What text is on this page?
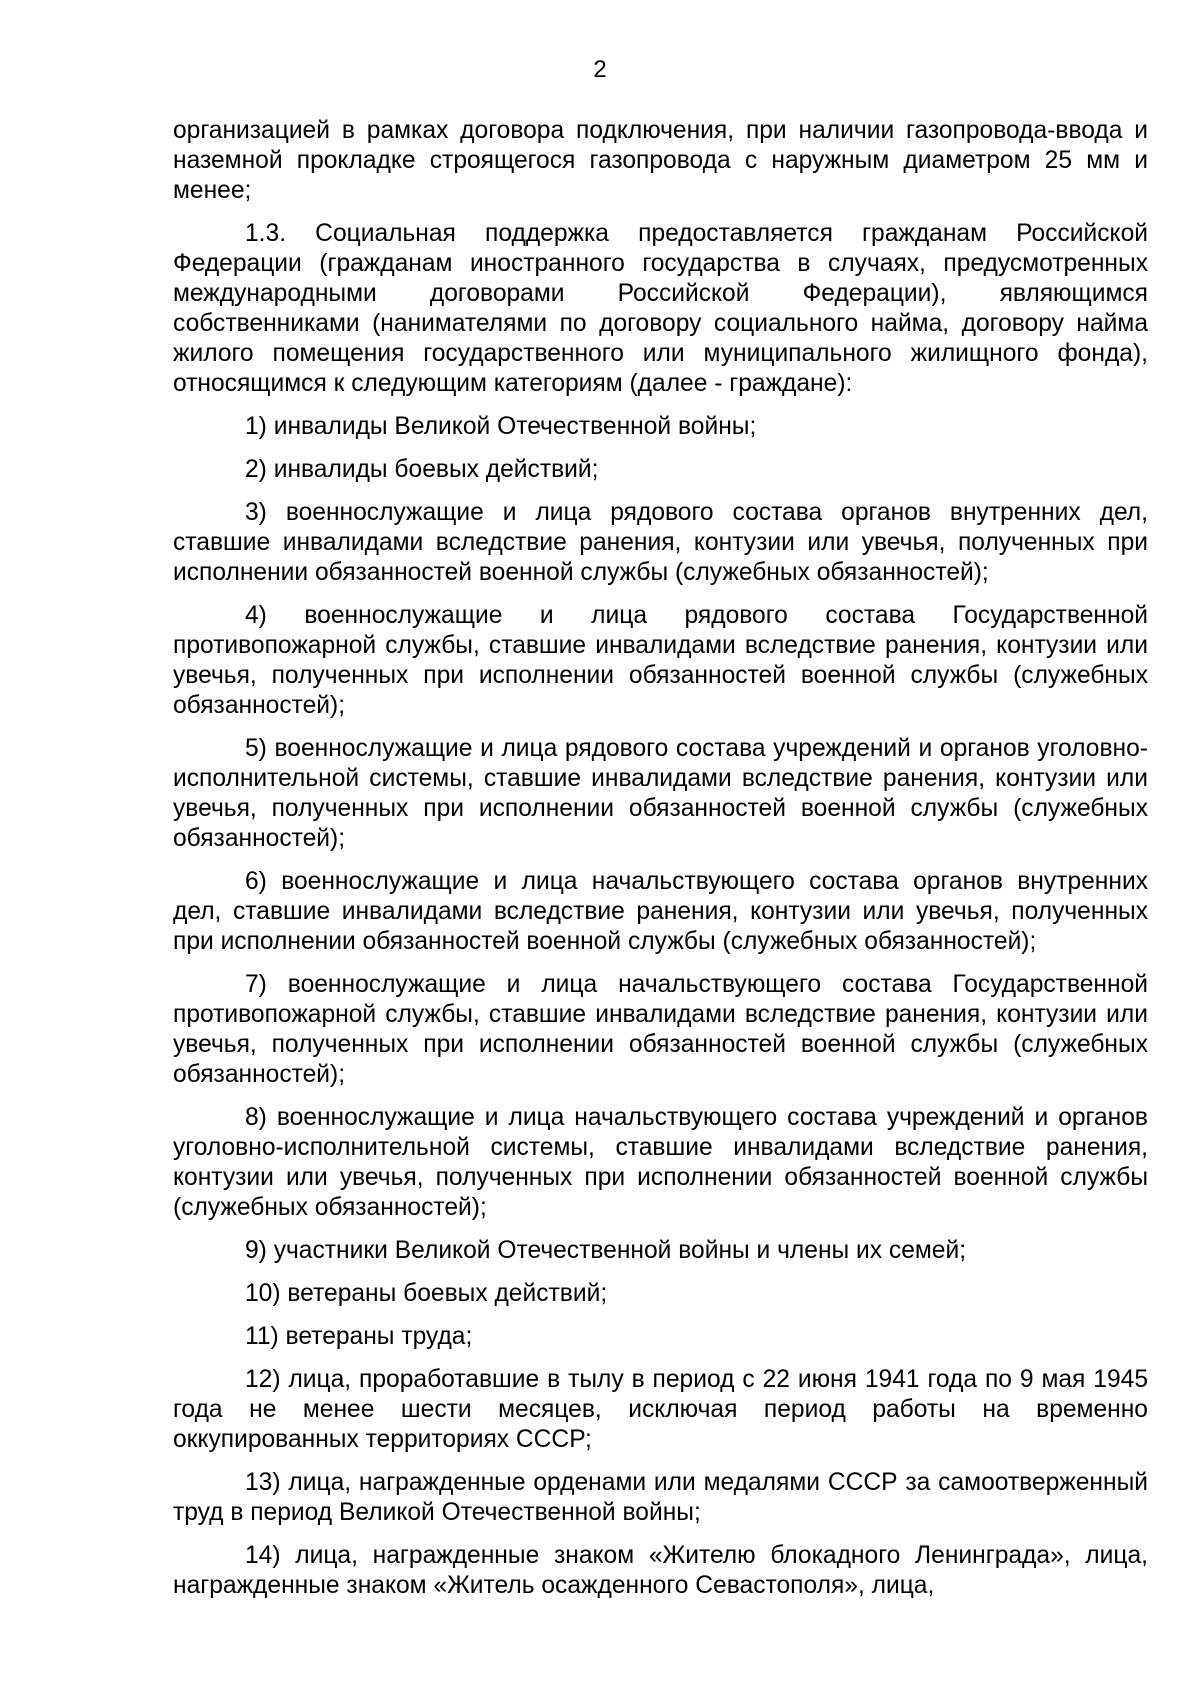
2

организацией в рамках договора подключения, при наличии газопровода-ввода и наземной прокладке строящегося газопровода с наружным диаметром 25 мм и менее;

1.3. Социальная поддержка предоставляется гражданам Российской Федерации (гражданам иностранного государства в случаях, предусмотренных международными договорами Российской Федерации), являющимся собственниками (нанимателями по договору социального найма, договору найма жилого помещения государственного или муниципального жилищного фонда), относящимся к следующим категориям (далее - граждане):

1) инвалиды Великой Отечественной войны;

2) инвалиды боевых действий;

3) военнослужащие и лица рядового состава органов внутренних дел, ставшие инвалидами вследствие ранения, контузии или увечья, полученных при исполнении обязанностей военной службы (служебных обязанностей);

4) военнослужащие и лица рядового состава Государственной противопожарной службы, ставшие инвалидами вследствие ранения, контузии или увечья, полученных при исполнении обязанностей военной службы (служебных обязанностей);

5) военнослужащие и лица рядового состава учреждений и органов уголовно-исполнительной системы, ставшие инвалидами вследствие ранения, контузии или увечья, полученных при исполнении обязанностей военной службы (служебных обязанностей);

6) военнослужащие и лица начальствующего состава органов внутренних дел, ставшие инвалидами вследствие ранения, контузии или увечья, полученных при исполнении обязанностей военной службы (служебных обязанностей);

7) военнослужащие и лица начальствующего состава Государственной противопожарной службы, ставшие инвалидами вследствие ранения, контузии или увечья, полученных при исполнении обязанностей военной службы (служебных обязанностей);

8) военнослужащие и лица начальствующего состава учреждений и органов уголовно-исполнительной системы, ставшие инвалидами вследствие ранения, контузии или увечья, полученных при исполнении обязанностей военной службы (служебных обязанностей);

9) участники Великой Отечественной войны и члены их семей;

10) ветераны боевых действий;

11) ветераны труда;

12) лица, проработавшие в тылу в период с 22 июня 1941 года по 9 мая 1945 года не менее шести месяцев, исключая период работы на временно оккупированных территориях СССР;

13) лица, награжденные орденами или медалями СССР за самоотверженный труд в период Великой Отечественной войны;

14) лица, награжденные знаком «Жителю блокадного Ленинграда», лица, награжденные знаком «Житель осажденного Севастополя», лица,
